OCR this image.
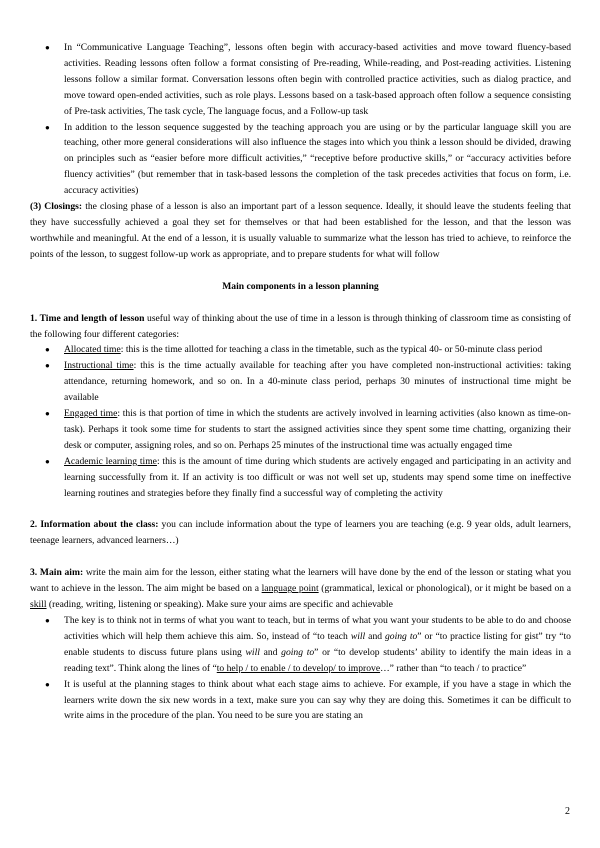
● In “Communicative Language Teaching”, lessons often begin with accuracy-based activities and move toward fluency-based activities. Reading lessons often follow a format consisting of Pre-reading, While-reading, and Post-reading activities. Listening lessons follow a similar format. Conversation lessons often begin with controlled practice activities, such as dialog practice, and move toward open-ended activities, such as role plays. Lessons based on a task-based approach often follow a sequence consisting of Pre-task activities, The task cycle, The language focus, and a Follow-up task
● In addition to the lesson sequence suggested by the teaching approach you are using or by the particular language skill you are teaching, other more general considerations will also influence the stages into which you think a lesson should be divided, drawing on principles such as “easier before more difficult activities,” “receptive before productive skills,” or “accuracy activities before fluency activities” (but remember that in task-based lessons the completion of the task precedes activities that focus on form, i.e. accuracy activities)

(3) Closings: the closing phase of a lesson is also an important part of a lesson sequence. Ideally, it should leave the students feeling that they have successfully achieved a goal they set for themselves or that had been established for the lesson, and that the lesson was worthwhile and meaningful. At the end of a lesson, it is usually valuable to summarize what the lesson has tried to achieve, to reinforce the points of the lesson, to suggest follow-up work as appropriate, and to prepare students for what will follow

Main components in a lesson planning

1. Time and length of lesson useful way of thinking about the use of time in a lesson is through thinking of classroom time as consisting of the following four different categories:

● Allocated time: this is the time allotted for teaching a class in the timetable, such as the typical 40- or 50-minute class period
● Instructional time: this is the time actually available for teaching after you have completed non-instructional activities: taking attendance, returning homework, and so on. In a 40-minute class period, perhaps 30 minutes of instructional time might be available
● Engaged time: this is that portion of time in which the students are actively involved in learning activities (also known as time-on-task). Perhaps it took some time for students to start the assigned activities since they spent some time chatting, organizing their desk or computer, assigning roles, and so on. Perhaps 25 minutes of the instructional time was actually engaged time
● Academic learning time: this is the amount of time during which students are actively engaged and participating in an activity and learning successfully from it. If an activity is too difficult or was not well set up, students may spend some time on ineffective learning routines and strategies before they finally find a successful way of completing the activity

2. Information about the class: you can include information about the type of learners you are teaching (e.g. 9 year olds, adult learners, teenage learners, advanced learners…)

3. Main aim: write the main aim for the lesson, either stating what the learners will have done by the end of the lesson or stating what you want to achieve in the lesson. The aim might be based on a language point (grammatical, lexical or phonological), or it might be based on a skill (reading, writing, listening or speaking). Make sure your aims are specific and achievable

● The key is to think not in terms of what you want to teach, but in terms of what you want your students to be able to do and choose activities which will help them achieve this aim. So, instead of “to teach will and going to” or “to practice listing for gist” try “to enable students to discuss future plans using will and going to” or “to develop students’ ability to identify the main ideas in a reading text”. Think along the lines of “to help / to enable / to develop/ to improve…” rather than “to teach / to practice”
● It is useful at the planning stages to think about what each stage aims to achieve. For example, if you have a stage in which the learners write down the six new words in a text, make sure you can say why they are doing this. Sometimes it can be difficult to write aims in the procedure of the plan. You need to be sure you are stating an
2
